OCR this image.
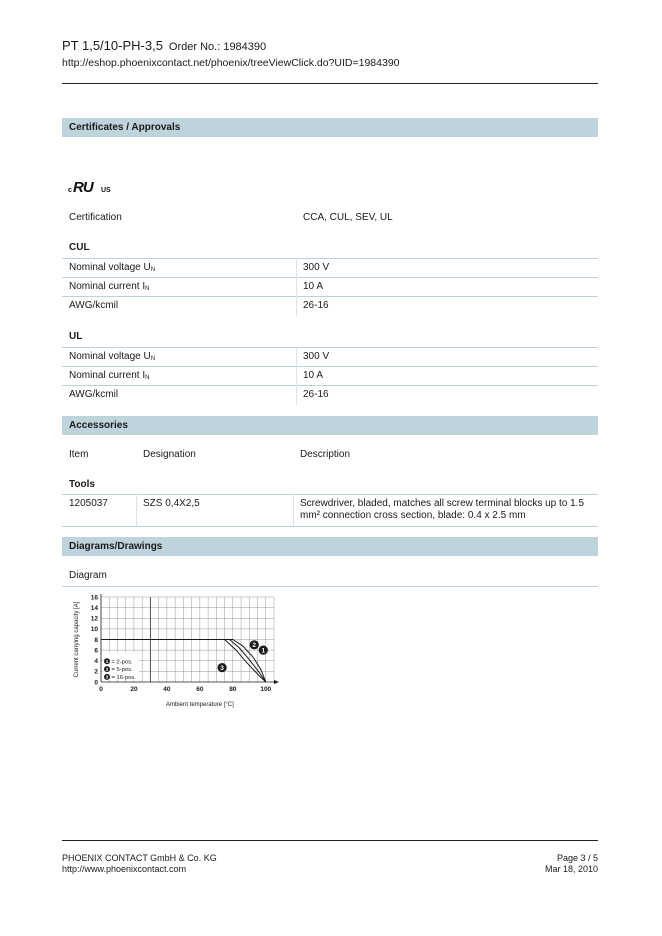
PT 1,5/10-PH-3,5 Order No.: 1984390
http://eshop.phoenixcontact.net/phoenix/treeViewClick.do?UID=1984390
Certificates / Approvals
c RU	US
Certification	CCA, CUL, SEV, UL
CUL
Nominal voltage $U_N$	300 V
Nominal current $I_N$	10 A
AWG/kcmil	26-16
UL
Nominal voltage $U_N$	300 V
Nominal current $I_N$	10 A
AWG/kcmil	26-16
Accessories
Item	Designation	Description
Tools
1205037	SZS 0,4X2,5	Screwdriver, bladed, matches all screw terminal blocks up to 1.5
mm² connection cross section, blade: 0.4 x 2.5 mm
Diagrams/Drawings
Diagram
0	20	40	60	80	100
0
2
4
6
8
10
12
14
16
Ambient temperature [°C]
Current carrying capacity [A]	1
2
3
1 = 2-pos.
2 = 5-pos.
3 = 16-pos.
PHOENIX CONTACT GmbH & Co. KG
http://www.phoenixcontact.com
Page 3 / 5
Mar 18, 2010
